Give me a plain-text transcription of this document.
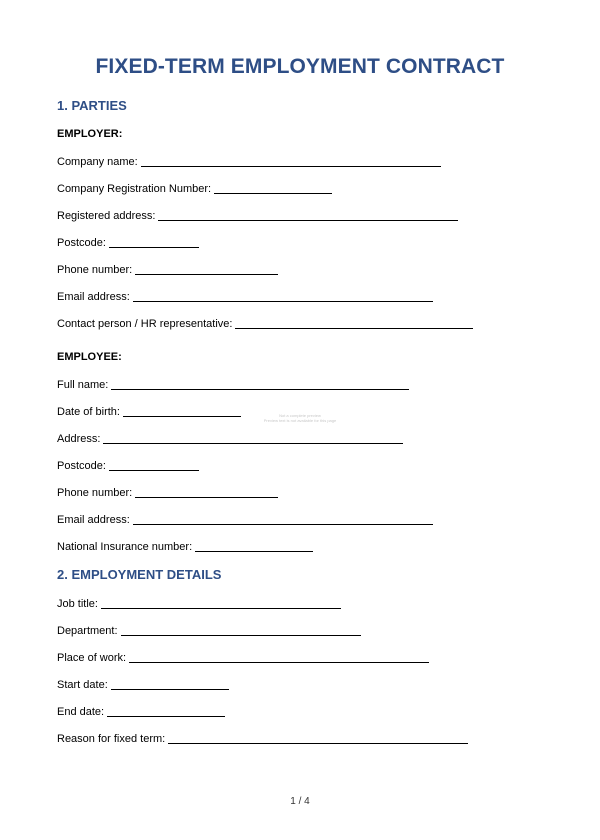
FIXED-TERM EMPLOYMENT CONTRACT
1. PARTIES
EMPLOYER:
Company name:
Company Registration Number:
Registered address:
Postcode:
Phone number:
Email address:
Contact person / HR representative:
EMPLOYEE:
Full name:
Date of birth:
Address:
Postcode:
Phone number:
Email address:
National Insurance number:
2. EMPLOYMENT DETAILS
Job title:
Department:
Place of work:
Start date:
End date:
Reason for fixed term:
Not a complete preview
Preview text is not available for this page
1 / 4
